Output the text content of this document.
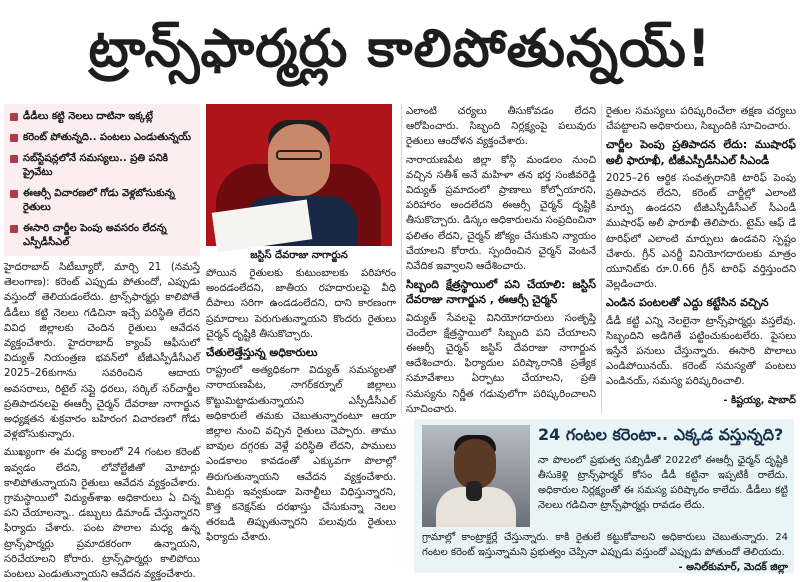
ట్రాన్స్‌ఫార్మర్లు కాలిపోతున్నయ్!
డీడీలు కట్టి నెలలు దాటినా ఇక్కట్లే
కరెంట్ పోతున్నది.. పంటలు ఎండుతున్నయ్
సబ్‌స్టేషన్లలోనే సమస్యలు.. ప్రతి పనికి ప్రైవేటు
ఈఆర్సీ విచారణలో గోడు వెళ్లబోసుకున్న రైతులు
ఈసారి చార్జీల పెంపు అవసరం లేదన్న ఎస్పీడీసీఎల్

హైదరాబాద్ సిటీబ్యూరో, మార్చి 21 (నమస్తే తెలంగాణ): కరెంట్ ఎప్పుడు పోతుందో, ఎప్పుడు వస్తుందో తెలియడంలేదు. ట్రాన్స్‌ఫార్మర్లు కాలిపోతే డీడీలు కట్టి నెలలు గడిచినా ఇచ్చే పరిస్థితి లేదని వివిధ జిల్లాలకు చెందిన రైతులు ఆవేదన వ్యక్తంచేశారు. హైదరాబాద్ క్యాంప్ ఆఫీసులో విద్యుత్ నియంత్రణ భవన్‌లో టీజీఎస్పీడీసీఎల్ 2025–26కుగాను సవరించిన ఆదాయ అవసరాలు, రిటైల్ సప్లై ధరలు, సర్కిల్ సర్‌చార్జీల ప్రతిపాదనలపై ఈఆర్సీ చైర్మన్ దేవరాజు నాగార్జున అధ్యక్షతన శుక్రవారం బహిరంగ విచారణలో గోడు వెళ్లబోసుకున్నారు.

ముఖ్యంగా ఈ మధ్య కాలంలో 24 గంటల కరెంట్ ఇవ్వడం లేదని, లోవోల్టేజీతో మోటార్లు కాలిపోతున్నాయని రైతులు ఆవేదన వ్యక్తంచేశారు. గ్రామస్థాయిలో విద్యుత్‌శాఖ అధికారులు ఏ చిన్న పని చేయాలన్నా.. డబ్బులు డిమాండ్ చేస్తున్నారని ఫిర్యాదు చేశారు. పంట పొలాల మధ్య ఉన్న ట్రాన్స్‌ఫార్మర్లు ప్రమాదకరంగా ఉన్నాయని, సరిచేయాలని కోరారు. ట్రాన్స్‌ఫార్మర్లు కాలిపోయి పంటలు ఎండుతున్నాయని ఆవేదన వ్యక్తంచేశారు.

జస్టిస్ దేవరాజు నాగార్జున

పోయిన రైతులకు కుటుంబాలకు పరిహారం అందడంలేదని, జాతీయ రహదారులపై వీధి దీపాలు సరిగా ఉండడంలేదని, దాని కారణంగా ప్రమాదాలు పెరుగుతున్నాయని కొందరు రైతులు చైర్మన్ దృష్టికి తీసుకొచ్చారు.

చేతులెత్తేస్తున్న అధికారులు

రాష్ట్రంలో అత్యధికంగా విద్యుత్ సమస్యలతో నారాయణపేట, నాగర్‌కర్నూల్ జిల్లాలు కొట్టుమిట్టాడుతున్నాయని ఎస్పీడీసీఎల్ అధికారులే తమకు చెబుతున్నారంటూ ఆయా జిల్లాల నుంచి వచ్చిన రైతులు చెప్పారు. తాము బావుల దగ్గరకు వెళ్లే పరిస్థితి లేదని, పాములు ఎండకాలం కావడంతో ఎక్కువగా పొలాల్లో తిరుగుతున్నాయని ఆవేదన వ్యక్తంచేశారు. మీటర్లు ఇవ్వకుండా పెనాల్టీలు విధిస్తున్నారని, కొత్త కనెక్షన్‌కు దరఖాస్తు చేసుకున్నా నెలల తరబడి తిప్పుతున్నారని పలువురు రైతులు ఫిర్యాదు చేశారు.

ఎలాంటి చర్యలు తీసుకోవడం లేదని ఆరోపించారు. సిబ్బంది నిర్లక్ష్యంపై పలువురు రైతులు ఆందోళన వ్యక్తంచేశారు.

నారాయణపేట జిల్లా కోస్గి మండలం నుంచి వచ్చిన సతీశ్ అనే మహిళా తన భర్త సంజీవరెడ్డి విద్యుత్ ప్రమాదంలో ప్రాణాలు కోల్పోయారని, పరిహారం అందలేదని ఈఆర్సీ చైర్మన్ దృష్టికి తీసుకొచ్చారు. డిస్కం అధికారులను సంప్రదించినా ఫలితం లేదని, చైర్మన్ జోక్యం చేసుకుని న్యాయం చేయాలని కోరారు. స్పందించిన చైర్మన్ వెంటనే నివేదిక ఇవ్వాలని ఆదేశించారు.

సిబ్బంది క్షేత్రస్థాయిలో పని చేయాలి: జస్టిస్ దేవరాజు నాగార్జున , ఈఆర్సీ చైర్మన్

విద్యుత్ సేవలపై వినియోగదారులు సంతృప్తి చెందేలా క్షేత్రస్థాయిలో సిబ్బంది పని చేయాలని ఈఆర్సీ చైర్మన్ జస్టిస్ దేవరాజు నాగార్జున ఆదేశించారు. ఫిర్యాదుల పరిష్కారానికి ప్రత్యేక సమావేశాలు ఏర్పాటు చేయాలని, ప్రతి సమస్యను నిర్ణీత గడువులోగా పరిష్కరించాలని సూచించారు.

రైతుల సమస్యలు పరిష్కరించేలా తక్షణ చర్యలు చేపట్టాలని అధికారులు, సిబ్బందికి సూచించారు.

చార్జీల పెంపు ప్రతిపాదన లేదు: ముషారఫ్ అలీ ఫారూఖీ, టీజీఎస్పీడీసీఎల్ సీఎండీ

2025–26 ఆర్థిక సంవత్సరానికి టారిఫ్ పెంపు ప్రతిపాదన లేదని, కరెంట్ చార్జీల్లో ఎలాంటి మార్పు ఉండదని టీజీఎస్పీడీసీఎల్ సీఎండీ ముషారఫ్ అలీ ఫారూఖీ తెలిపారు. టైమ్ ఆఫ్ డే టారిఫ్‌లో ఎలాంటి మార్పులు ఉండవని స్పష్టం చేశారు. గ్రీన్ ఎనర్జీ వినియోగదారులకు మాత్రం యూనిట్‌కు రూ.0.66 గ్రీన్ టారిఫ్ వర్తిస్తుందని వెల్లడించారు.

ఎండిన పంటలతో ఎద్దు కట్టేసిన వచ్చిన

డీడీ కట్టి ఎన్ని నెలలైనా ట్రాన్స్‌ఫార్మర్లు వస్తలేవు. సిబ్బందిని అడిగితే పట్టించుకుంటలేరు. పైసలు ఇస్తేనే పనులు చేస్తున్నారు. ఈసారి పొలాలు ఎండిపోయినయ్. కరెంట్ సమస్యతో పంటలు ఎండినయ్, సమస్య పరిష్కరించాలి.

- కిష్టయ్య, షాబాద్
24 గంటల కరెంటా.. ఎక్కడ వస్తున్నది?
నా పొలంలో ప్రభుత్వ సబ్సిడీతో 2022లో ఈఆర్సీ ఛైర్మన్ దృష్టికి తీసుకెళ్లి ట్రాన్స్‌ఫార్మర్ కోసం డీడీ కట్టినా ఇప్పటికీ రాలేదు. అధికారుల నిర్లక్ష్యంతో ఈ సమస్య పరిష్కారం కాలేదు. డీడీలు కట్టి నెలలు గడిచినా ట్రాన్స్‌ఫార్మర్లు రావడం లేదు.
గ్రామాల్లో కాంట్రాక్టర్లే చేస్తున్నారు. కాకి రైతులే కట్టుకోవాలని అధికారులు చెబుతున్నారు. 24 గంటల కరెంట్ ఇస్తున్నామని ప్రభుత్వం చెప్పినా ఎప్పుడు వస్తుందో ఎప్పుడు పోతుందో తెలియదు.
- అనిల్‌కుమార్, మెదక్ జిల్లా
